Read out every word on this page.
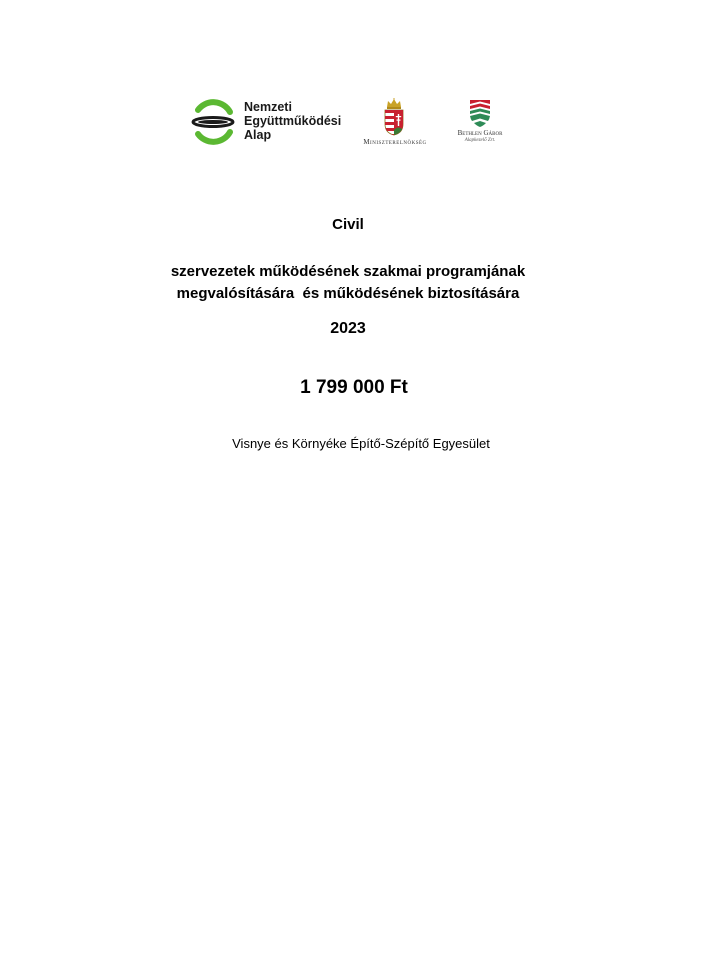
Nemzeti
Együttműködési
Alap	Miniszterelnökség
Bethlen Gábor
Alapkezelő Zrt.
Civil
szervezetek működésének szakmai programjának
megvalósítására  és működésének biztosítására
2023
1 799 000 Ft
Visnye és Környéke Építő-Szépítő Egyesület
